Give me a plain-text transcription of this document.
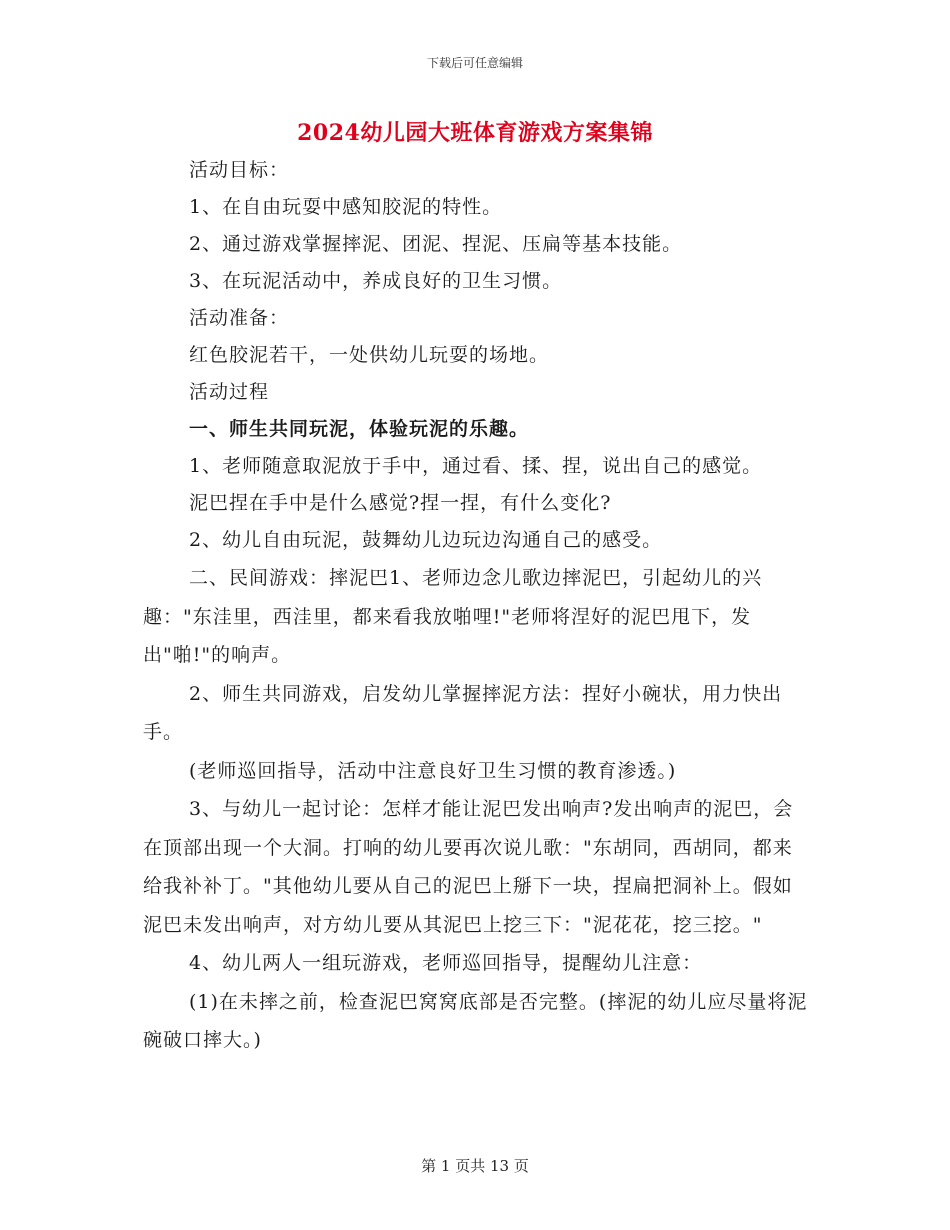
下载后可任意编辑
2024幼儿园大班体育游戏方案集锦

活动目标：

1、在自由玩耍中感知胶泥的特性。

2、通过游戏掌握摔泥、团泥、捏泥、压扁等基本技能。

3、在玩泥活动中，养成良好的卫生习惯。

活动准备：

红色胶泥若干，一处供幼儿玩耍的场地。

活动过程

一、师生共同玩泥，体验玩泥的乐趣。

1、老师随意取泥放于手中，通过看、揉、捏，说出自己的感觉。

泥巴捏在手中是什么感觉?捏一捏，有什么变化?

2、幼儿自由玩泥，鼓舞幼儿边玩边沟通自己的感受。

二、民间游戏：摔泥巴1、老师边念儿歌边摔泥巴，引起幼儿的兴趣："东洼里，西洼里，都来看我放啪哩!"老师将涅好的泥巴甩下，发出"啪!"的响声。

2、师生共同游戏，启发幼儿掌握摔泥方法：捏好小碗状，用力快出手。

(老师巡回指导，活动中注意良好卫生习惯的教育渗透。)

3、与幼儿一起讨论：怎样才能让泥巴发出响声?发出响声的泥巴，会在顶部出现一个大洞。打响的幼儿要再次说儿歌："东胡同，西胡同，都来给我补补丁。"其他幼儿要从自己的泥巴上掰下一块，捏扁把洞补上。假如泥巴未发出响声，对方幼儿要从其泥巴上挖三下："泥花花，挖三挖。"

4、幼儿两人一组玩游戏，老师巡回指导，提醒幼儿注意：

(1)在未摔之前，检查泥巴窝窝底部是否完整。(摔泥的幼儿应尽量将泥碗破口摔大。)

第 1 页共 13 页
